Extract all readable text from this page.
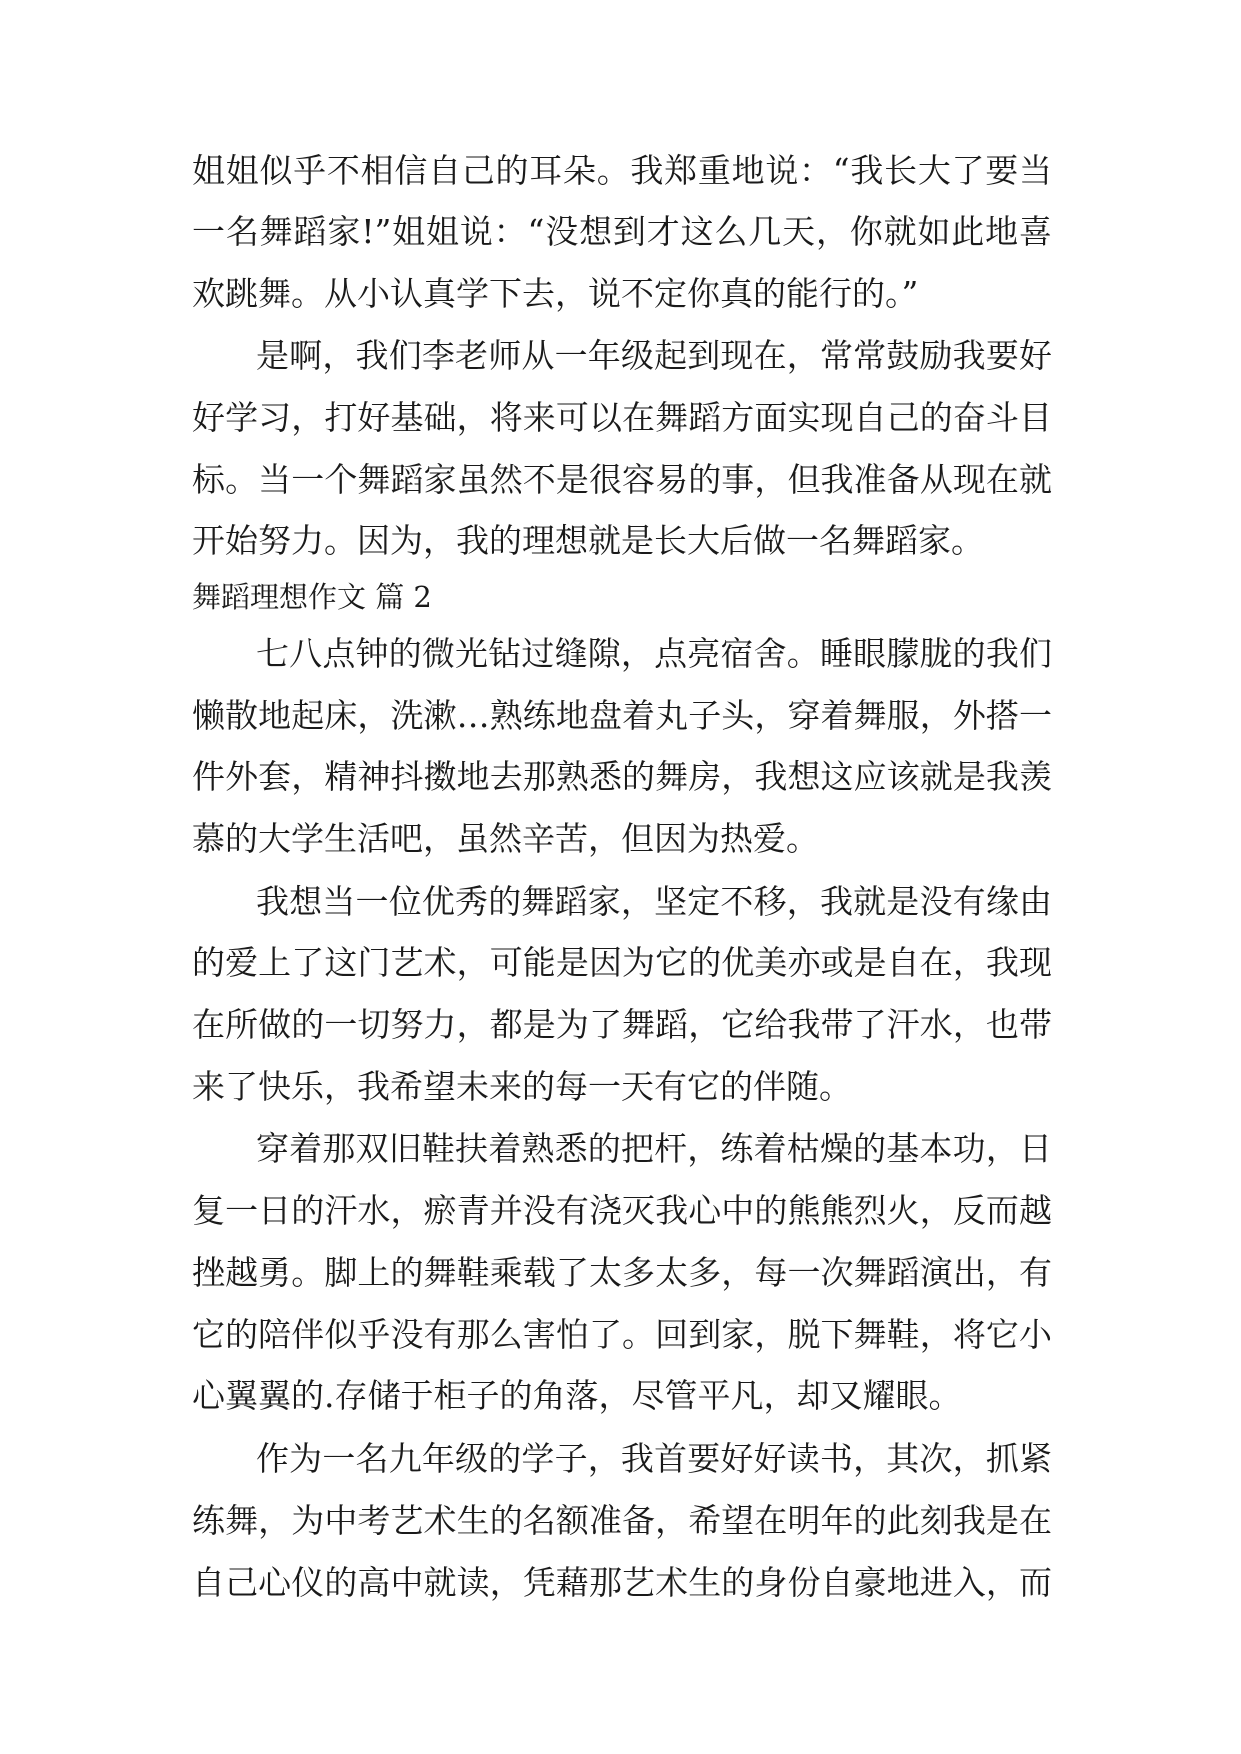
姐姐似乎不相信自己的耳朵。我郑重地说：“我长大了要当

一名舞蹈家!”姐姐说：“没想到才这么几天，你就如此地喜

欢跳舞。从小认真学下去，说不定你真的能行的。”

是啊，我们李老师从一年级起到现在，常常鼓励我要好

好学习，打好基础，将来可以在舞蹈方面实现自己的奋斗目

标。当一个舞蹈家虽然不是很容易的事，但我准备从现在就

开始努力。因为，我的理想就是长大后做一名舞蹈家。

舞蹈理想作文 篇 2

七八点钟的微光钻过缝隙，点亮宿舍。睡眼朦胧的我们

懒散地起床，洗漱…熟练地盘着丸子头，穿着舞服，外搭一

件外套，精神抖擞地去那熟悉的舞房，我想这应该就是我羡

慕的大学生活吧，虽然辛苦，但因为热爱。

我想当一位优秀的舞蹈家，坚定不移，我就是没有缘由

的爱上了这门艺术，可能是因为它的优美亦或是自在，我现

在所做的一切努力，都是为了舞蹈，它给我带了汗水，也带

来了快乐，我希望未来的每一天有它的伴随。

穿着那双旧鞋扶着熟悉的把杆，练着枯燥的基本功，日

复一日的汗水，瘀青并没有浇灭我心中的熊熊烈火，反而越

挫越勇。脚上的舞鞋乘载了太多太多，每一次舞蹈演出，有

它的陪伴似乎没有那么害怕了。回到家，脱下舞鞋，将它小

心翼翼的.存储于柜子的角落，尽管平凡，却又耀眼。

作为一名九年级的学子，我首要好好读书，其次，抓紧

练舞，为中考艺术生的名额准备，希望在明年的此刻我是在

自己心仪的高中就读，凭藉那艺术生的身份自豪地进入，而
